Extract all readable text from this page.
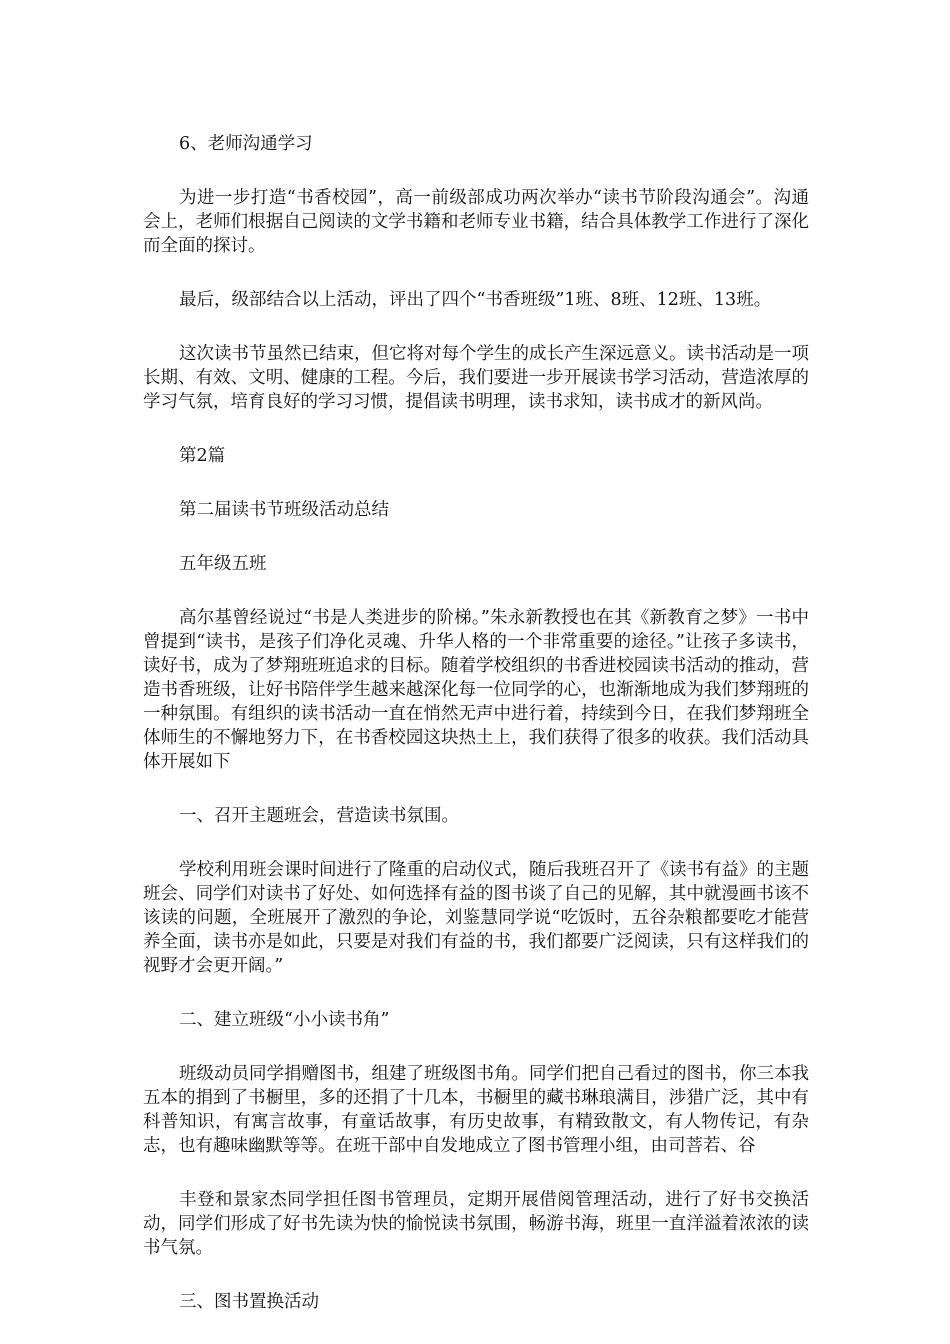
6、老师沟通学习

为进一步打造“书香校园”，高一前级部成功两次举办“读书节阶段沟通会”。沟通会上，老师们根据自己阅读的文学书籍和老师专业书籍，结合具体教学工作进行了深化而全面的探讨。

最后，级部结合以上活动，评出了四个“书香班级”1班、8班、12班、13班。

这次读书节虽然已结束，但它将对每个学生的成长产生深远意义。读书活动是一项长期、有效、文明、健康的工程。今后，我们要进一步开展读书学习活动，营造浓厚的学习气氛，培育良好的学习习惯，提倡读书明理，读书求知，读书成才的新风尚。

第2篇

第二届读书节班级活动总结

五年级五班

高尔基曾经说过“书是人类进步的阶梯。”朱永新教授也在其《新教育之梦》一书中曾提到“读书，是孩子们净化灵魂、升华人格的一个非常重要的途径。”让孩子多读书，读好书，成为了梦翔班班追求的目标。随着学校组织的书香进校园读书活动的推动，营造书香班级，让好书陪伴学生越来越深化每一位同学的心，也渐渐地成为我们梦翔班的一种氛围。有组织的读书活动一直在悄然无声中进行着，持续到今日，在我们梦翔班全体师生的不懈地努力下，在书香校园这块热土上，我们获得了很多的收获。我们活动具体开展如下

一、召开主题班会，营造读书氛围。

学校利用班会课时间进行了隆重的启动仪式，随后我班召开了《读书有益》的主题班会、同学们对读书了好处、如何选择有益的图书谈了自己的见解，其中就漫画书该不该读的问题，全班展开了激烈的争论，刘鉴慧同学说“吃饭时，五谷杂粮都要吃才能营养全面，读书亦是如此，只要是对我们有益的书，我们都要广泛阅读，只有这样我们的视野才会更开阔。”

二、建立班级“小小读书角”

班级动员同学捐赠图书，组建了班级图书角。同学们把自己看过的图书，你三本我五本的捐到了书橱里，多的还捐了十几本，书橱里的藏书琳琅满目，涉猎广泛，其中有科普知识，有寓言故事，有童话故事，有历史故事，有精致散文，有人物传记，有杂志，也有趣味幽默等等。在班干部中自发地成立了图书管理小组，由司菩若、谷

丰登和景家杰同学担任图书管理员，定期开展借阅管理活动，进行了好书交换活动，同学们形成了好书先读为快的愉悦读书氛围，畅游书海，班里一直洋溢着浓浓的读书气氛。

三、图书置换活动
